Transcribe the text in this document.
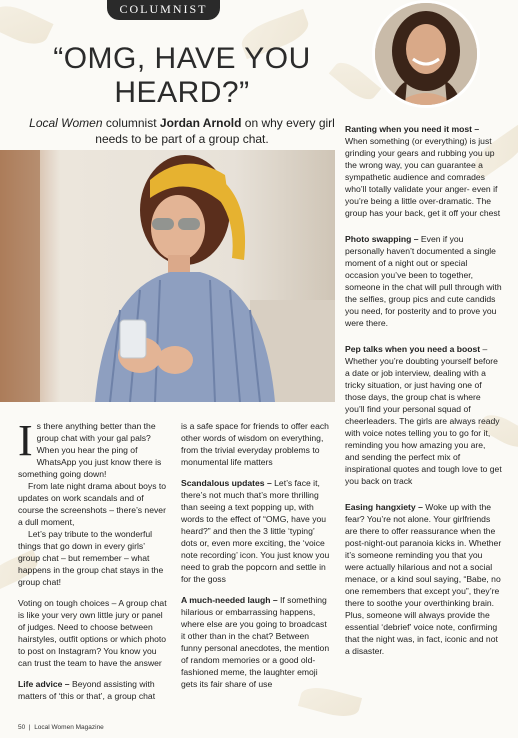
COLUMNIST
“OMG, HAVE YOU HEARD?”
Local Women columnist Jordan Arnold on why every girl needs to be part of a group chat.

Is there anything better than the group chat with your gal pals? When you hear the ping of WhatsApp you just know there is something going down!

From late night drama about boys to updates on work scandals and of course the screenshots – there’s never a dull moment,

Let’s pay tribute to the wonderful things that go down in every girls’ group chat – but remember – what happens in the group chat stays in the group chat!

Voting on tough choices – A group chat is like your very own little jury or panel of judges. Need to choose between hairstyles, outfit options or which photo to post on Instagram? You know you can trust the team to have the answer

Life advice – Beyond assisting with matters of ‘this or that’, a group chat

is a safe space for friends to offer each other words of wisdom on everything, from the trivial everyday problems to monumental life matters

Scandalous updates – Let’s face it, there’s not much that’s more thrilling than seeing a text popping up, with words to the effect of “OMG, have you heard?” and then the 3 little ‘typing’ dots or, even more exciting, the ‘voice note recording’ icon. You just know you need to grab the popcorn and settle in for the goss

A much-needed laugh – If something hilarious or embarrassing happens, where else are you going to broadcast it other than in the chat? Between funny personal anecdotes, the mention of random memories or a good old-fashioned meme, the laughter emoji gets its fair share of use

Ranting when you need it most – When something (or everything) is just grinding your gears and rubbing you up the wrong way, you can guarantee a sympathetic audience and comrades who’ll totally validate your anger- even if you’re being a little over-dramatic. The group has your back, get it off your chest

Photo swapping – Even if you personally haven’t documented a single moment of a night out or special occasion you’ve been to together, someone in the chat will pull through with the selfies, group pics and cute candids you need, for posterity and to prove you were there.

Pep talks when you need a boost – Whether you’re doubting yourself before a date or job interview, dealing with a tricky situation, or just having one of those days, the group chat is where you’ll find your personal squad of cheerleaders. The girls are always ready with voice notes telling you to go for it, reminding you how amazing you are, and sending the perfect mix of inspirational quotes and tough love to get you back on track

Easing hangxiety – Woke up with the fear? You’re not alone. Your girlfriends are there to offer reassurance when the post-night-out paranoia kicks in. Whether it’s someone reminding you that you were actually hilarious and not a social menace, or a kind soul saying, “Babe, no one remembers that except you”, they’re there to soothe your overthinking brain. Plus, someone will always provide the essential ‘debrief’ voice note, confirming that the night was, in fact, iconic and not a disaster.

50 | Local Women Magazine
